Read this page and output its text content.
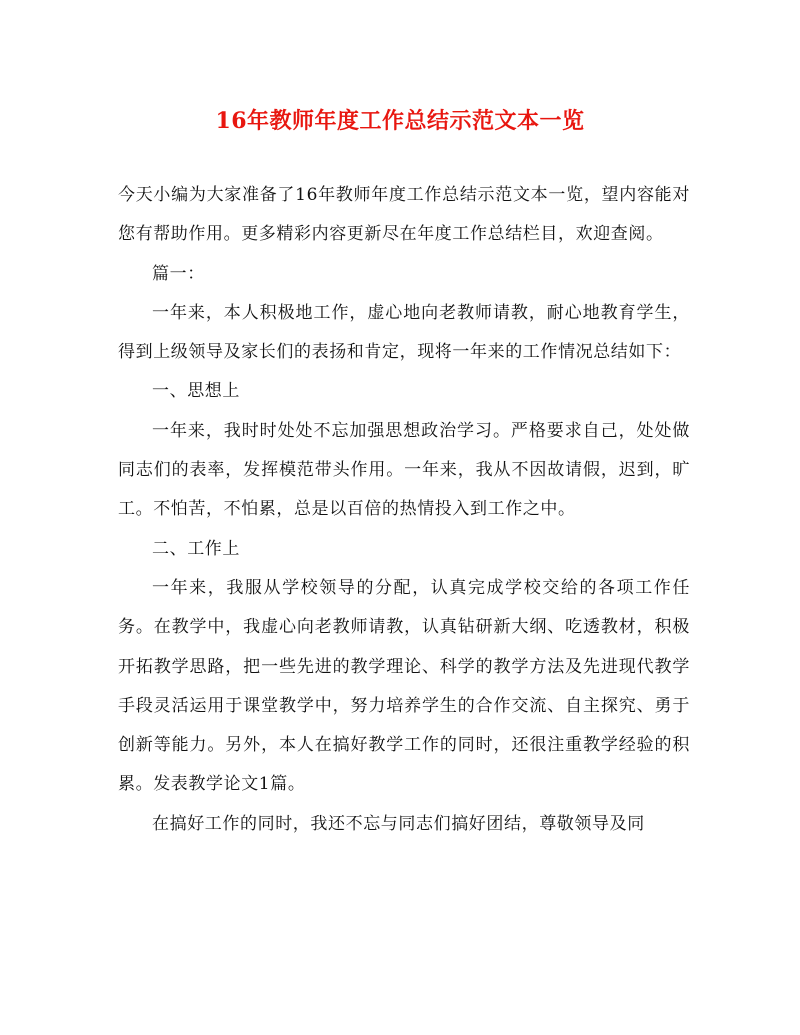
16年教师年度工作总结示范文本一览

今天小编为大家准备了16年教师年度工作总结示范文本一览，望内容能对您有帮助作用。更多精彩内容更新尽在年度工作总结栏目，欢迎查阅。

篇一：

一年来，本人积极地工作，虚心地向老教师请教，耐心地教育学生，得到上级领导及家长们的表扬和肯定，现将一年来的工作情况总结如下：

一、思想上

一年来，我时时处处不忘加强思想政治学习。严格要求自己，处处做同志们的表率，发挥模范带头作用。一年来，我从不因故请假，迟到，旷工。不怕苦，不怕累，总是以百倍的热情投入到工作之中。

二、工作上

一年来，我服从学校领导的分配，认真完成学校交给的各项工作任务。在教学中，我虚心向老教师请教，认真钻研新大纲、吃透教材，积极开拓教学思路，把一些先进的教学理论、科学的教学方法及先进现代教学手段灵活运用于课堂教学中，努力培养学生的合作交流、自主探究、勇于创新等能力。另外，本人在搞好教学工作的同时，还很注重教学经验的积累。发表教学论文1篇。

在搞好工作的同时，我还不忘与同志们搞好团结，尊敬领导及同
